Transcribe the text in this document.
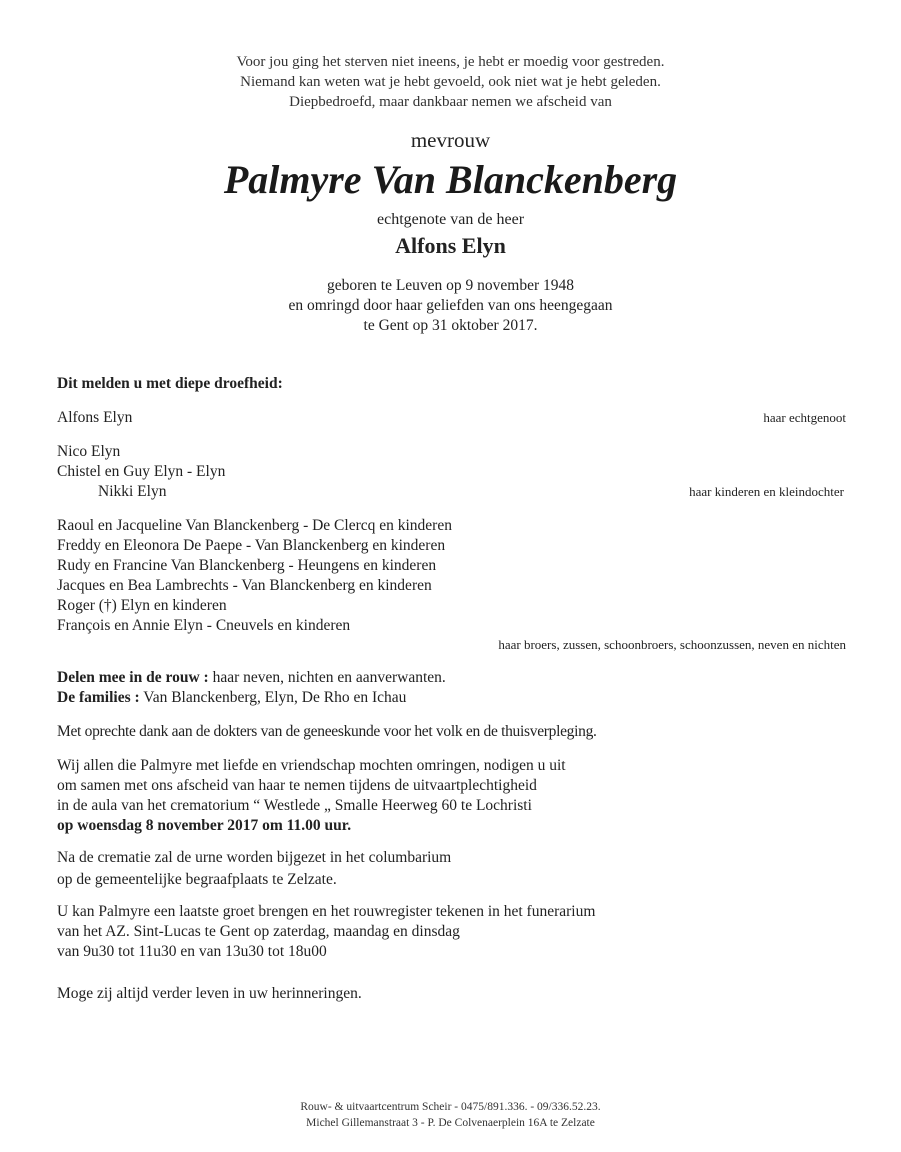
Voor jou ging het sterven niet ineens, je hebt er moedig voor gestreden.
Niemand kan weten wat je hebt gevoeld, ook niet wat je hebt geleden.
Diepbedroefd, maar dankbaar nemen we afscheid van
mevrouw
Palmyre Van Blanckenberg
echtgenote van de heer
Alfons Elyn
geboren te Leuven op 9 november 1948
en omringd door haar geliefden van ons heengegaan
te Gent op 31 oktober 2017.
Dit melden u met diepe droefheid:
Alfons Elyn	haar echtgenoot
Nico Elyn
Chistel en Guy Elyn - Elyn
Nikki Elyn	haar kinderen en kleindochter
Raoul en Jacqueline Van Blanckenberg - De Clercq en kinderen
Freddy en Eleonora De Paepe - Van Blanckenberg en kinderen
Rudy en Francine Van Blanckenberg - Heungens en kinderen
Jacques en Bea Lambrechts - Van Blanckenberg en kinderen
Roger (†) Elyn en kinderen
François en Annie Elyn - Cneuvels en kinderen
haar broers, zussen, schoonbroers, schoonzussen, neven en nichten
Delen mee in de rouw : haar neven, nichten en aanverwanten.
De families : Van Blanckenberg, Elyn, De Rho en Ichau
Met oprechte dank aan de dokters van de geneeskunde voor het volk en de thuisverpleging.
Wij allen die Palmyre met liefde en vriendschap mochten omringen, nodigen u uit
om samen met ons afscheid van haar te nemen tijdens de uitvaartplechtigheid
in de aula van het crematorium “ Westlede „ Smalle Heerweg 60 te Lochristi
op woensdag 8 november 2017 om 11.00 uur.
Na de crematie zal de urne worden bijgezet in het columbarium
op de gemeentelijke begraafplaats te Zelzate.
U kan Palmyre een laatste groet brengen en het rouwregister tekenen in het funerarium
van het AZ. Sint-Lucas te Gent op zaterdag, maandag en dinsdag
van 9u30 tot 11u30 en van 13u30 tot 18u00
Moge zij altijd verder leven in uw herinneringen.
Rouw- & uitvaartcentrum Scheir - 0475/891.336. - 09/336.52.23.
Michel Gillemanstraat 3 - P. De Colvenaerplein 16A te Zelzate
